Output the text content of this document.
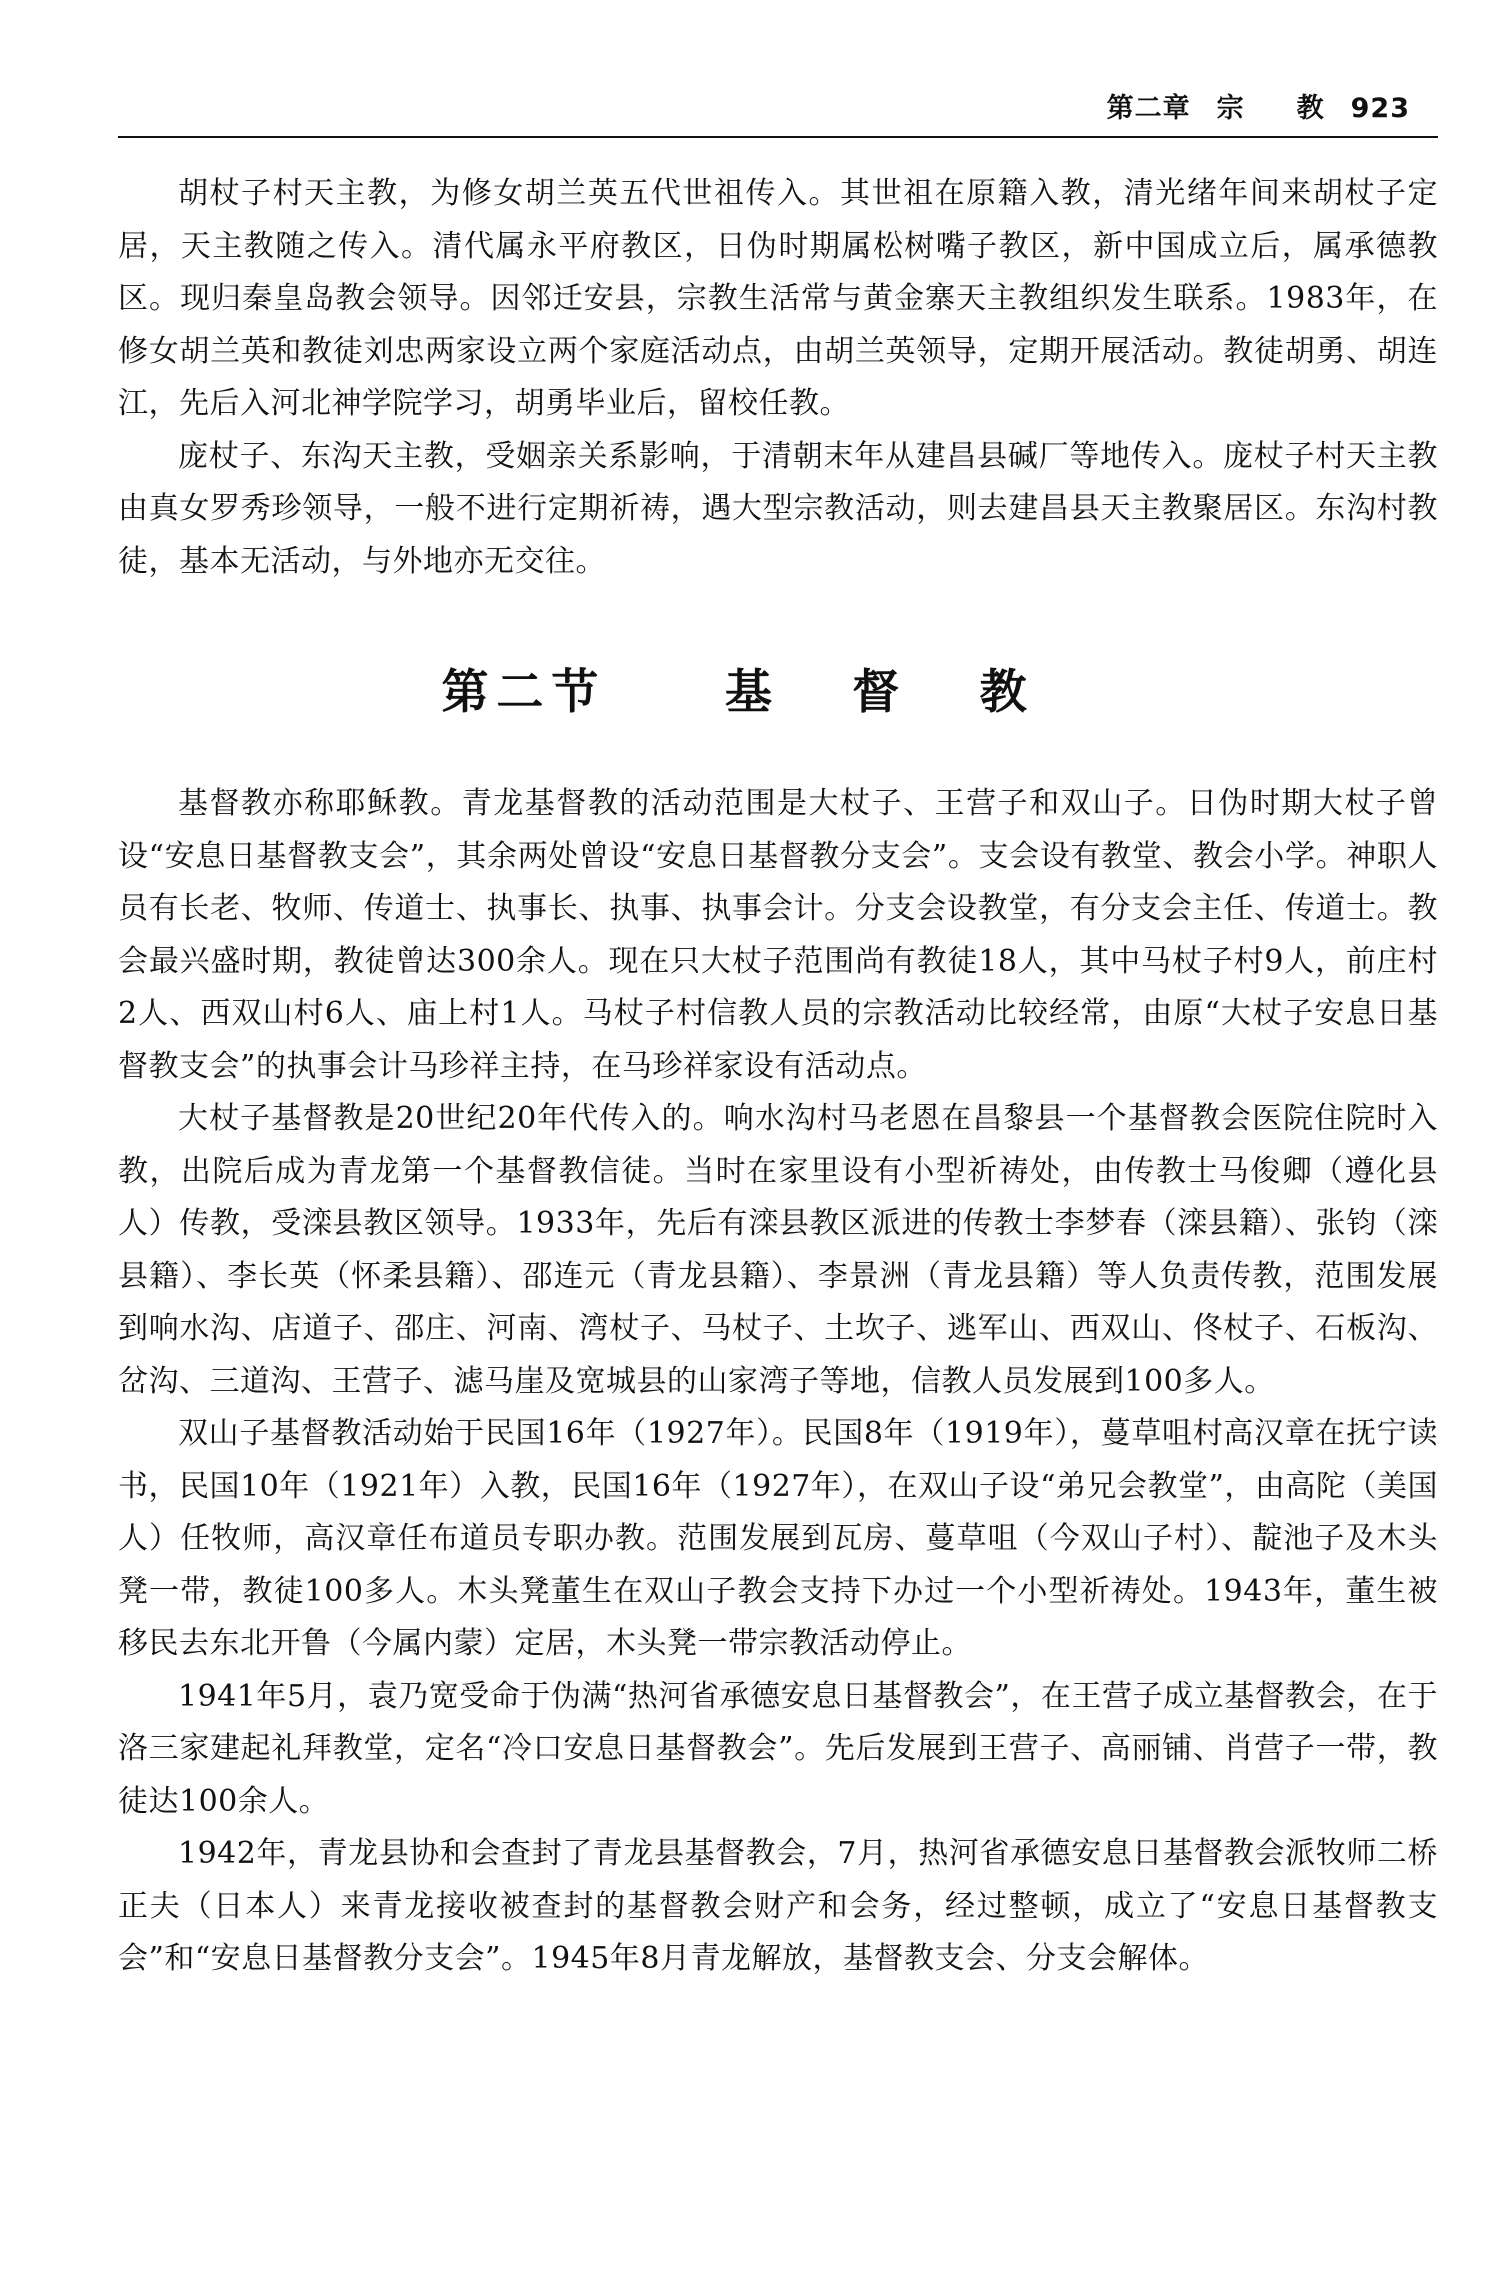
第二章 宗 教 923

胡杖子村天主教，为修女胡兰英五代世祖传入。其世祖在原籍入教，清光绪年间来胡杖子定居，天主教随之传入。清代属永平府教区，日伪时期属松树嘴子教区，新中国成立后，属承德教区。现归秦皇岛教会领导。因邻迁安县，宗教生活常与黄金寨天主教组织发生联系。1983年，在修女胡兰英和教徒刘忠两家设立两个家庭活动点，由胡兰英领导，定期开展活动。教徒胡勇、胡连江，先后入河北神学院学习，胡勇毕业后，留校任教。

庞杖子、东沟天主教，受姻亲关系影响，于清朝末年从建昌县碱厂等地传入。庞杖子村天主教由真女罗秀珍领导，一般不进行定期祈祷，遇大型宗教活动，则去建昌县天主教聚居区。东沟村教徒，基本无活动，与外地亦无交往。

第二节	基 督 教

基督教亦称耶稣教。青龙基督教的活动范围是大杖子、王营子和双山子。日伪时期大杖子曾设“安息日基督教支会”，其余两处曾设“安息日基督教分支会”。支会设有教堂、教会小学。神职人员有长老、牧师、传道士、执事长、执事、执事会计。分支会设教堂，有分支会主任、传道士。教会最兴盛时期，教徒曾达300余人。现在只大杖子范围尚有教徒18人，其中马杖子村9人，前庄村2人、西双山村6人、庙上村1人。马杖子村信教人员的宗教活动比较经常，由原“大杖子安息日基督教支会”的执事会计马珍祥主持，在马珍祥家设有活动点。

大杖子基督教是20世纪20年代传入的。响水沟村马老恩在昌黎县一个基督教会医院住院时入教，出院后成为青龙第一个基督教信徒。当时在家里设有小型祈祷处，由传教士马俊卿（遵化县人）传教，受滦县教区领导。1933年，先后有滦县教区派进的传教士李梦春（滦县籍）、张钧（滦县籍）、李长英（怀柔县籍）、邵连元（青龙县籍）、李景洲（青龙县籍）等人负责传教，范围发展到响水沟、店道子、邵庄、河南、湾杖子、马杖子、土坎子、逃军山、西双山、佟杖子、石板沟、岔沟、三道沟、王营子、滤马崖及宽城县的山家湾子等地，信教人员发展到100多人。

双山子基督教活动始于民国16年（1927年）。民国8年（1919年），蔓草咀村高汉章在抚宁读书，民国10年（1921年）入教，民国16年（1927年），在双山子设“弟兄会教堂”，由高陀（美国人）任牧师，高汉章任布道员专职办教。范围发展到瓦房、蔓草咀（今双山子村）、靛池子及木头凳一带，教徒100多人。木头凳董生在双山子教会支持下办过一个小型祈祷处。1943年，董生被移民去东北开鲁（今属内蒙）定居，木头凳一带宗教活动停止。

1941年5月，袁乃宽受命于伪满“热河省承德安息日基督教会”，在王营子成立基督教会，在于洛三家建起礼拜教堂，定名“冷口安息日基督教会”。先后发展到王营子、高丽铺、肖营子一带，教徒达100余人。

1942年，青龙县协和会查封了青龙县基督教会，7月，热河省承德安息日基督教会派牧师二桥正夫（日本人）来青龙接收被查封的基督教会财产和会务，经过整顿，成立了“安息日基督教支会”和“安息日基督教分支会”。1945年8月青龙解放，基督教支会、分支会解体。
